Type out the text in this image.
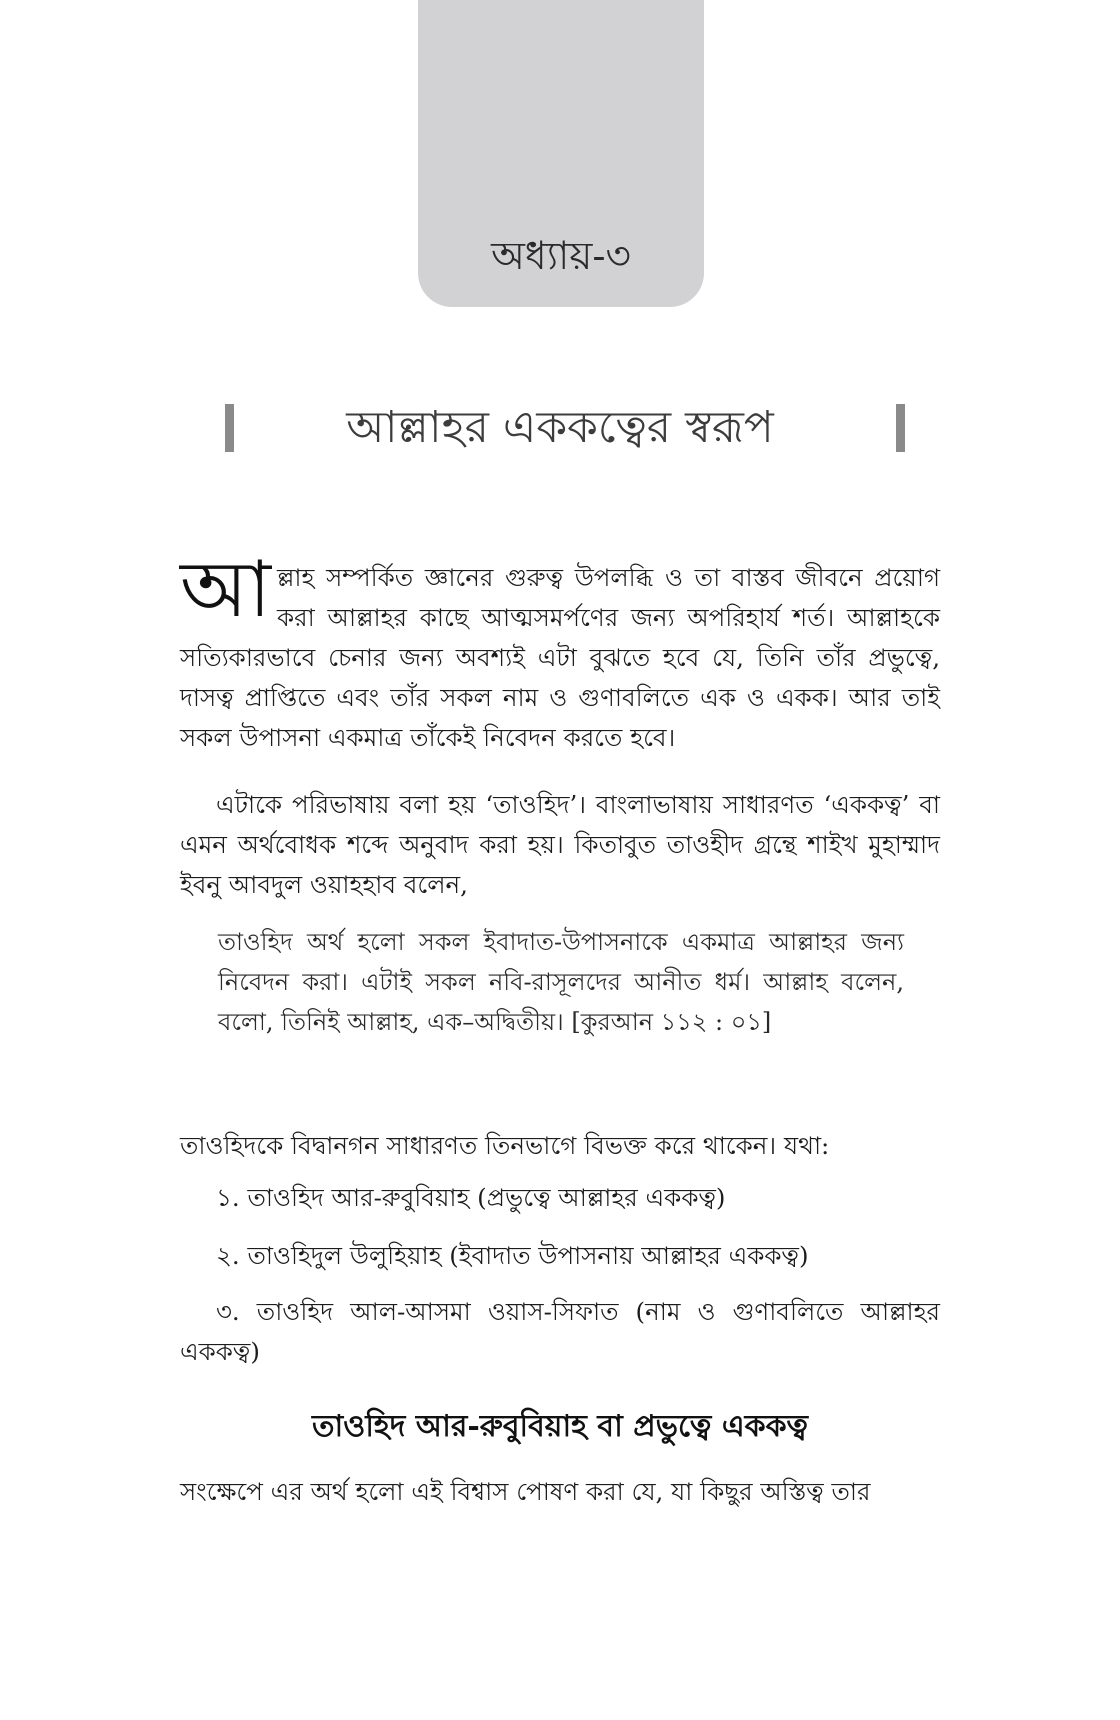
অধ্যায়-৩
আল্লাহর এককত্বের স্বরূপ
আল্লাহ সম্পর্কিত জ্ঞানের গুরুত্ব উপলব্ধি ও তা বাস্তব জীবনে প্রয়োগ করা আল্লাহর কাছে আত্মসমর্পণের জন্য অপরিহার্য শর্ত। আল্লাহকে সত্যিকারভাবে চেনার জন্য অবশ্যই এটা বুঝতে হবে যে, তিনি তাঁর প্রভুত্বে, দাসত্ব প্রাপ্তিতে এবং তাঁর সকল নাম ও গুণাবলিতে এক ও একক। আর তাই সকল উপাসনা একমাত্র তাঁকেই নিবেদন করতে হবে।
এটাকে পরিভাষায় বলা হয় ‘তাওহিদ’। বাংলাভাষায় সাধারণত ‘এককত্ব’ বা এমন অর্থবোধক শব্দে অনুবাদ করা হয়। কিতাবুত তাওহীদ গ্রন্থে শাইখ মুহাম্মাদ ইবনু আবদুল ওয়াহহাব বলেন,
তাওহিদ অর্থ হলো সকল ইবাদাত-উপাসনাকে একমাত্র আল্লাহর জন্য নিবেদন করা। এটাই সকল নবি-রাসূলদের আনীত ধর্ম। আল্লাহ বলেন, বলো, তিনিই আল্লাহ, এক–অদ্বিতীয়। [কুরআন ১১২ : ০১]
তাওহিদকে বিদ্বানগন সাধারণত তিনভাগে বিভক্ত করে থাকেন। যথা:
১. তাওহিদ আর-রুবুবিয়াহ (প্রভুত্বে আল্লাহর এককত্ব)
২. তাওহিদুল উলুহিয়াহ (ইবাদাত উপাসনায় আল্লাহর এককত্ব)
৩. তাওহিদ আল-আসমা ওয়াস-সিফাত (নাম ও গুণাবলিতে আল্লাহর এককত্ব)
তাওহিদ আর-রুবুবিয়াহ বা প্রভুত্বে এককত্ব
সংক্ষেপে এর অর্থ হলো এই বিশ্বাস পোষণ করা যে, যা কিছুর অস্তিত্ব তার
